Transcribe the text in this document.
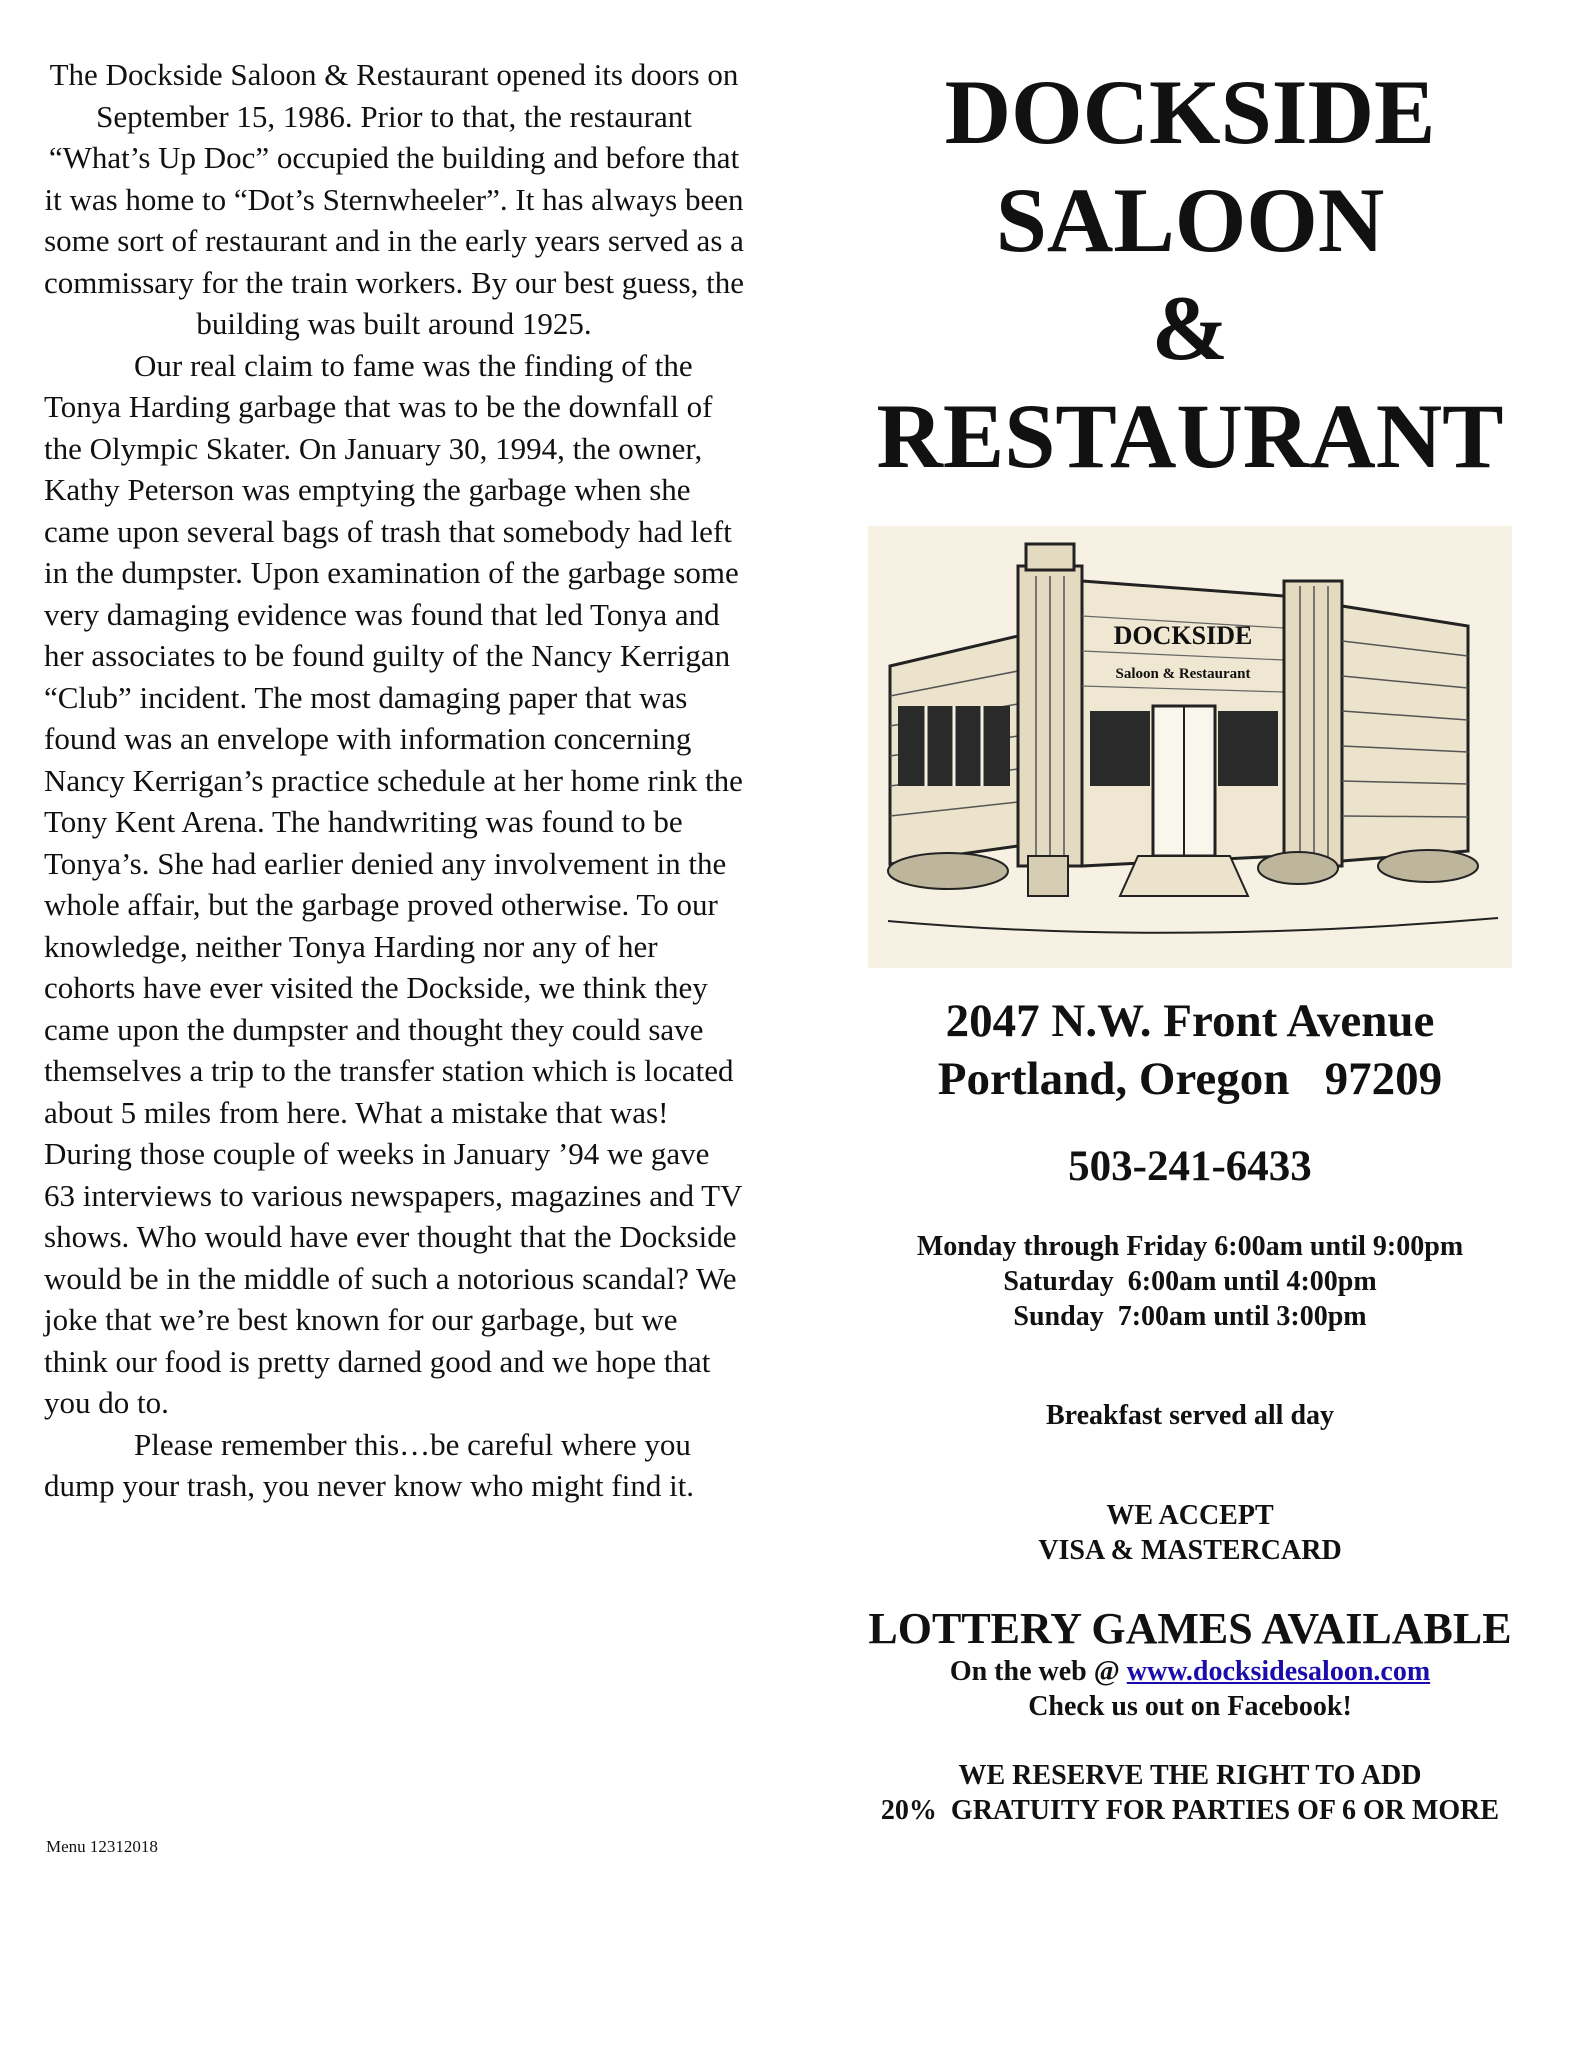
The Dockside Saloon & Restaurant opened its doors on September 15, 1986. Prior to that, the restaurant “What’s Up Doc” occupied the building and before that it was home to “Dot’s Sternwheeler”. It has always been some sort of restaurant and in the early years served as a commissary for the train workers. By our best guess, the building was built around 1925.

Our real claim to fame was the finding of the Tonya Harding garbage that was to be the downfall of the Olympic Skater. On January 30, 1994, the owner, Kathy Peterson was emptying the garbage when she came upon several bags of trash that somebody had left in the dumpster. Upon examination of the garbage some very damaging evidence was found that led Tonya and her associates to be found guilty of the Nancy Kerrigan “Club” incident. The most damaging paper that was found was an envelope with information concerning Nancy Kerrigan’s practice schedule at her home rink the Tony Kent Arena. The handwriting was found to be Tonya’s. She had earlier denied any involvement in the whole affair, but the garbage proved otherwise. To our knowledge, neither Tonya Harding nor any of her cohorts have ever visited the Dockside, we think they came upon the dumpster and thought they could save themselves a trip to the transfer station which is located about 5 miles from here. What a mistake that was! During those couple of weeks in January ’94 we gave 63 interviews to various newspapers, magazines and TV shows. Who would have ever thought that the Dockside would be in the middle of such a notorious scandal? We joke that we’re best known for our garbage, but we think our food is pretty darned good and we hope that you do to.

Please remember this…be careful where you dump your trash, you never know who might find it.

Menu 12312018
DOCKSIDE
SALOON
&
RESTAURANT
DOCKSIDE
Saloon & Restaurant
2047 N.W. Front Avenue
Portland, Oregon   97209
503-241-6433
Monday through Friday 6:00am until 9:00pm
Saturday  6:00am until 4:00pm
Sunday  7:00am until 3:00pm
Breakfast served all day
WE ACCEPT
VISA & MASTERCARD
LOTTERY GAMES AVAILABLE
On the web @ www.docksidesaloon.com
Check us out on Facebook!
WE RESERVE THE RIGHT TO ADD
20%  GRATUITY FOR PARTIES OF 6 OR MORE
